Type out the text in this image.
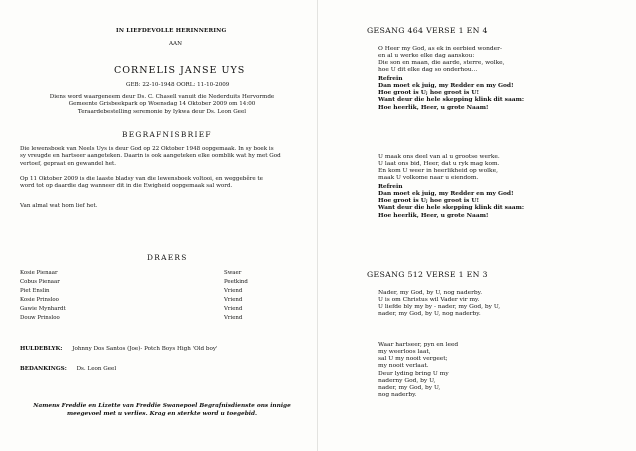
IN LIEFDEVOLLE HERINNERING
AAN
CORNELIS JANSE UYS
GEB: 22-10-1948 OORL: 11-10-2009
Diens word waargeneem deur Ds. C. Chasell vanuit die Nederduits Hervormde
Gemeente Grisbeekpark op Woensdag 14 Oktober 2009 om 14:00
Teraardebestelling seremonie by Iykwa deur Ds. Leon Geel
BEGRAFNISBRIEF
Die lewensboek van Neels Uys is deur God op 22 Oktober 1948 oopgemaak. In sy boek is
sy vreugde en hartseer aangeteken. Daarin is ook aangeteken elke oomblik wat hy met God
vertoef, gepraat en gewandel het.
Op 11 Oktober 2009 is die laaste bladsy van die lewensboek voltooi, en weggebêre te
word tot op daardie dag wanneer dit in die Ewigheid oopgemaak sal word.
Van almal wat hom lief het.
DRAERS
Kosie Pienaar	Swaer
Cobus Pienaar	Peetkind
Piet Enslin	Vriend
Kosie Prinsloo	Vriend
Gawie Mynhardt	Vriend
Douw Prinsloo	Vriend
HULDEBLYK: Johnny Dos Santos (Joe)- Potch Boys High 'Old boy'
BEDANKINGS: Ds. Leon Geel
Namens Freddie en Lizette van Freddie Swanepoel Begrafnisdienste ons innige
meegevoel met u verlies. Krag en sterkte word u toegebid.
GESANG 464 VERSE 1 EN 4
O Heer my God, as ek in eerbied wonder-
en al u werke elke dag aanskou:
Die son en maan, die aarde, sterre, wolke,
hoe U dit elke dag so onderhou...
Refrein
Dan moet ek juig, my Redder en my God!
Hoe groot is U; hoe groot is U!
Want deur die hele skepping klink dit saam:
Hoe heerlik, Heer, u grote Naam!
U maak ons deel van al u grootse werke.
U laat ons bid, Heer, dat u ryk mag kom.
En kom U weer in heerlikheid op wolke,
maak U volkome naar u eiendom.
Refrein
Dan moet ek juig, my Redder en my God!
Hoe groot is U; hoe groot is U!
Want deur die hele skepping klink dit saam:
Hoe heerlik, Heer, u grote Naam!
GESANG 512 VERSE 1 EN 3
Nader, my God, by U, nog naderby.
U is om Christus wil Vader vir my.
U liefde bly my by - nader, my God, by U,
nader, my God, by U, nog naderby.
Waar hartseer, pyn en leed
my weerloos laat,
sal U my nooit vergeet;
my nooit verlaat.
Deur lyding bring U my
naderny God, by U,
nader, my God, by U,
nog naderby.
